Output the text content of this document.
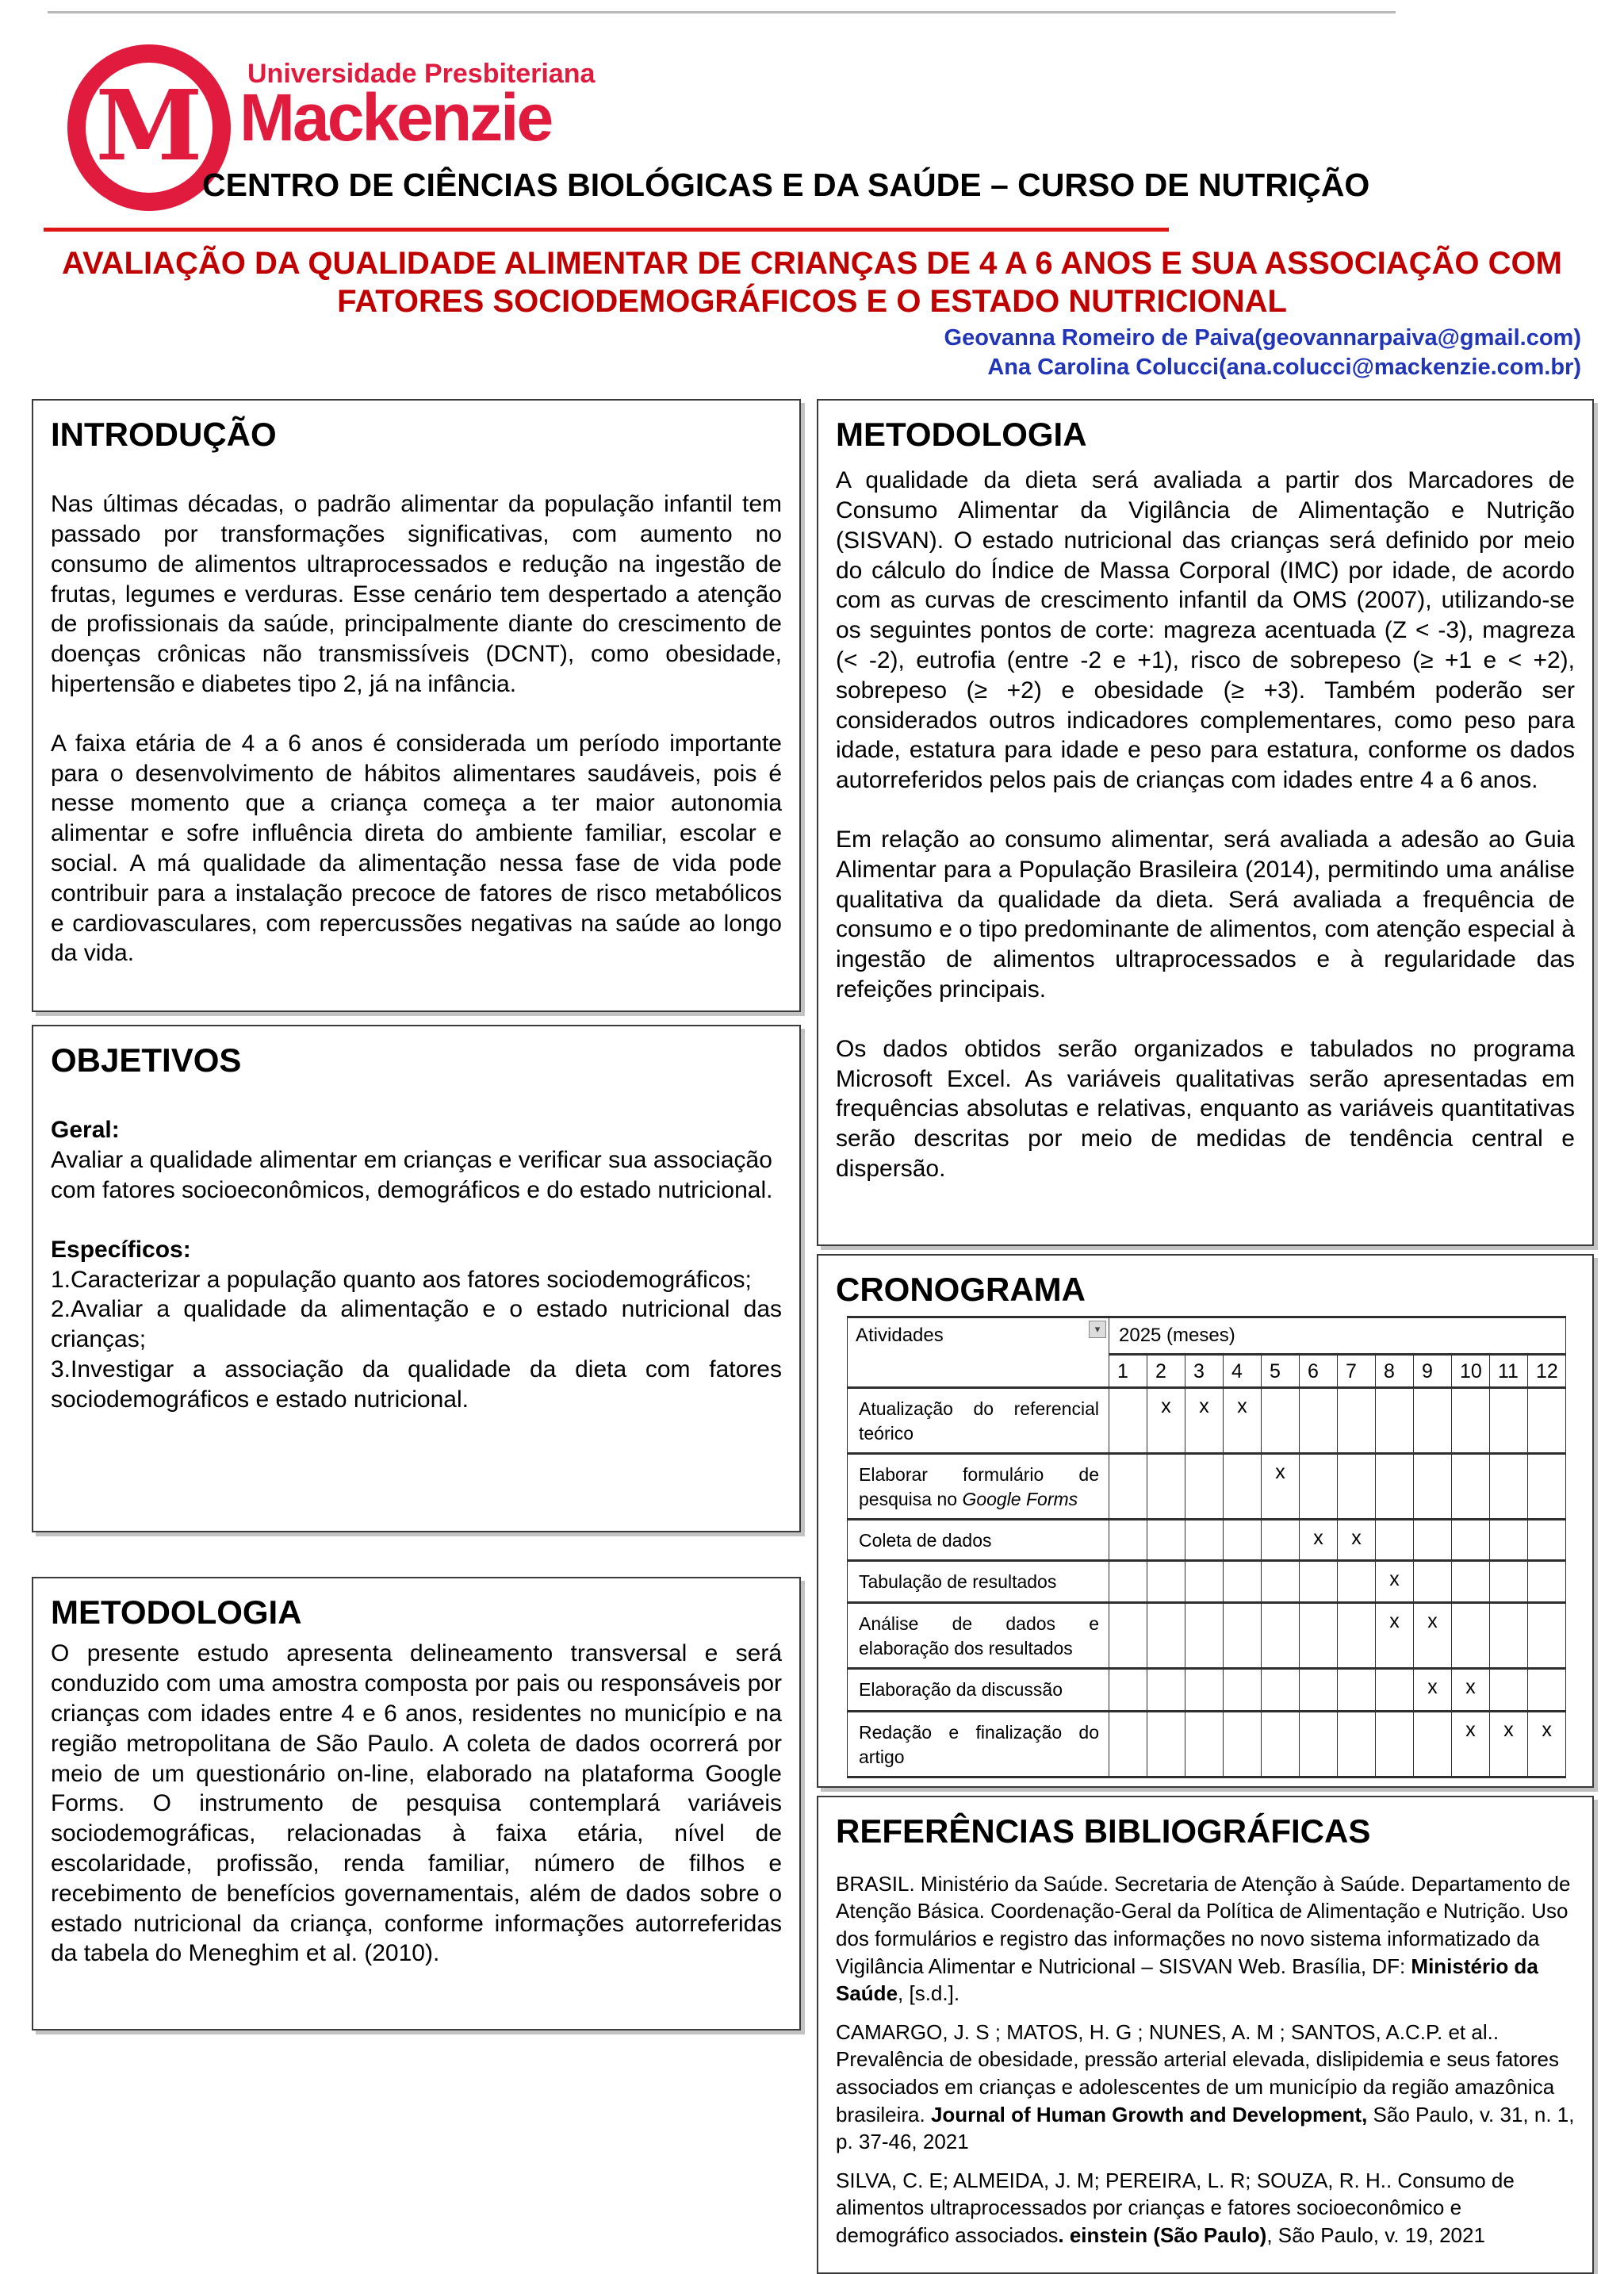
M Universidade Presbiteriana
Mackenzie
CENTRO DE CIÊNCIAS BIOLÓGICAS E DA SAÚDE – CURSO DE NUTRIÇÃO
AVALIAÇÃO DA QUALIDADE ALIMENTAR DE CRIANÇAS DE 4 A 6 ANOS E SUA ASSOCIAÇÃO COM
FATORES SOCIODEMOGRÁFICOS E O ESTADO NUTRICIONAL
Geovanna Romeiro de Paiva(geovannarpaiva@gmail.com)
Ana Carolina Colucci(ana.colucci@mackenzie.com.br)
INTRODUÇÃO

Nas últimas décadas, o padrão alimentar da população infantil tem passado por transformações significativas, com aumento no consumo de alimentos ultraprocessados e redução na ingestão de frutas, legumes e verduras. Esse cenário tem despertado a atenção de profissionais da saúde, principalmente diante do crescimento de doenças crônicas não transmissíveis (DCNT), como obesidade, hipertensão e diabetes tipo 2, já na infância.

A faixa etária de 4 a 6 anos é considerada um período importante para o desenvolvimento de hábitos alimentares saudáveis, pois é nesse momento que a criança começa a ter maior autonomia alimentar e sofre influência direta do ambiente familiar, escolar e social. A má qualidade da alimentação nessa fase de vida pode contribuir para a instalação precoce de fatores de risco metabólicos e cardiovasculares, com repercussões negativas na saúde ao longo da vida.

OBJETIVOS
Geral:
Avaliar a qualidade alimentar em crianças e verificar sua associação com fatores socioeconômicos, demográficos e do estado nutricional.
Específicos:
1.Caracterizar a população quanto aos fatores sociodemográficos;
2.Avaliar a qualidade da alimentação e o estado nutricional das crianças;
3.Investigar a associação da qualidade da dieta com fatores sociodemográficos e estado nutricional.
METODOLOGIA

O presente estudo apresenta delineamento transversal e será conduzido com uma amostra composta por pais ou responsáveis por crianças com idades entre 4 e 6 anos, residentes no município e na região metropolitana de São Paulo. A coleta de dados ocorrerá por meio de um questionário on-line, elaborado na plataforma Google Forms. O instrumento de pesquisa contemplará variáveis sociodemográficas, relacionadas à faixa etária, nível de escolaridade, profissão, renda familiar, número de filhos e recebimento de benefícios governamentais, além de dados sobre o estado nutricional da criança, conforme informações autorreferidas da tabela do Meneghim et al. (2010).

METODOLOGIA

A qualidade da dieta será avaliada a partir dos Marcadores de Consumo Alimentar da Vigilância de Alimentação e Nutrição (SISVAN). O estado nutricional das crianças será definido por meio do cálculo do Índice de Massa Corporal (IMC) por idade, de acordo com as curvas de crescimento infantil da OMS (2007), utilizando-se os seguintes pontos de corte: magreza acentuada (Z < -3), magreza (< -2), eutrofia (entre -2 e +1), risco de sobrepeso (≥ +1 e < +2), sobrepeso (≥ +2) e obesidade (≥ +3). Também poderão ser considerados outros indicadores complementares, como peso para idade, estatura para idade e peso para estatura, conforme os dados autorreferidos pelos pais de crianças com idades entre 4 a 6 anos.

Em relação ao consumo alimentar, será avaliada a adesão ao Guia Alimentar para a População Brasileira (2014), permitindo uma análise qualitativa da qualidade da dieta. Será avaliada a frequência de consumo e o tipo predominante de alimentos, com atenção especial à ingestão de alimentos ultraprocessados e à regularidade das refeições principais.

Os dados obtidos serão organizados e tabulados no programa Microsoft Excel. As variáveis qualitativas serão apresentadas em frequências absolutas e relativas, enquanto as variáveis quantitativas serão descritas por meio de medidas de tendência central e dispersão.

CRONOGRAMA
Atividades ▾	2025 (meses)											
	1	2	3	4	5	6	7	8	9	10	11	12
Atualização do referencial teórico		x	x	x								
Elaborar formulário de pesquisa no Google Forms					x							
Coleta de dados						x	x					
Tabulação de resultados								x				
Análise de dados e elaboração dos resultados								x	x			
Elaboração da discussão									x	x		
Redação e finalização do artigo										x	x	x
REFERÊNCIAS BIBLIOGRÁFICAS
BRASIL. Ministério da Saúde. Secretaria de Atenção à Saúde. Departamento de Atenção Básica. Coordenação-Geral da Política de Alimentação e Nutrição. Uso dos formulários e registro das informações no novo sistema informatizado da Vigilância Alimentar e Nutricional – SISVAN Web. Brasília, DF: Ministério da Saúde, [s.d.].
CAMARGO, J. S ; MATOS, H. G ; NUNES, A. M ; SANTOS, A.C.P. et al.. Prevalência de obesidade, pressão arterial elevada, dislipidemia e seus fatores associados em crianças e adolescentes de um município da região amazônica brasileira. Journal of Human Growth and Development, São Paulo, v. 31, n. 1, p. 37-46, 2021
SILVA, C. E; ALMEIDA, J. M; PEREIRA, L. R; SOUZA, R. H.. Consumo de alimentos ultraprocessados por crianças e fatores socioeconômico e demográfico associados. einstein (São Paulo), São Paulo, v. 19, 2021
